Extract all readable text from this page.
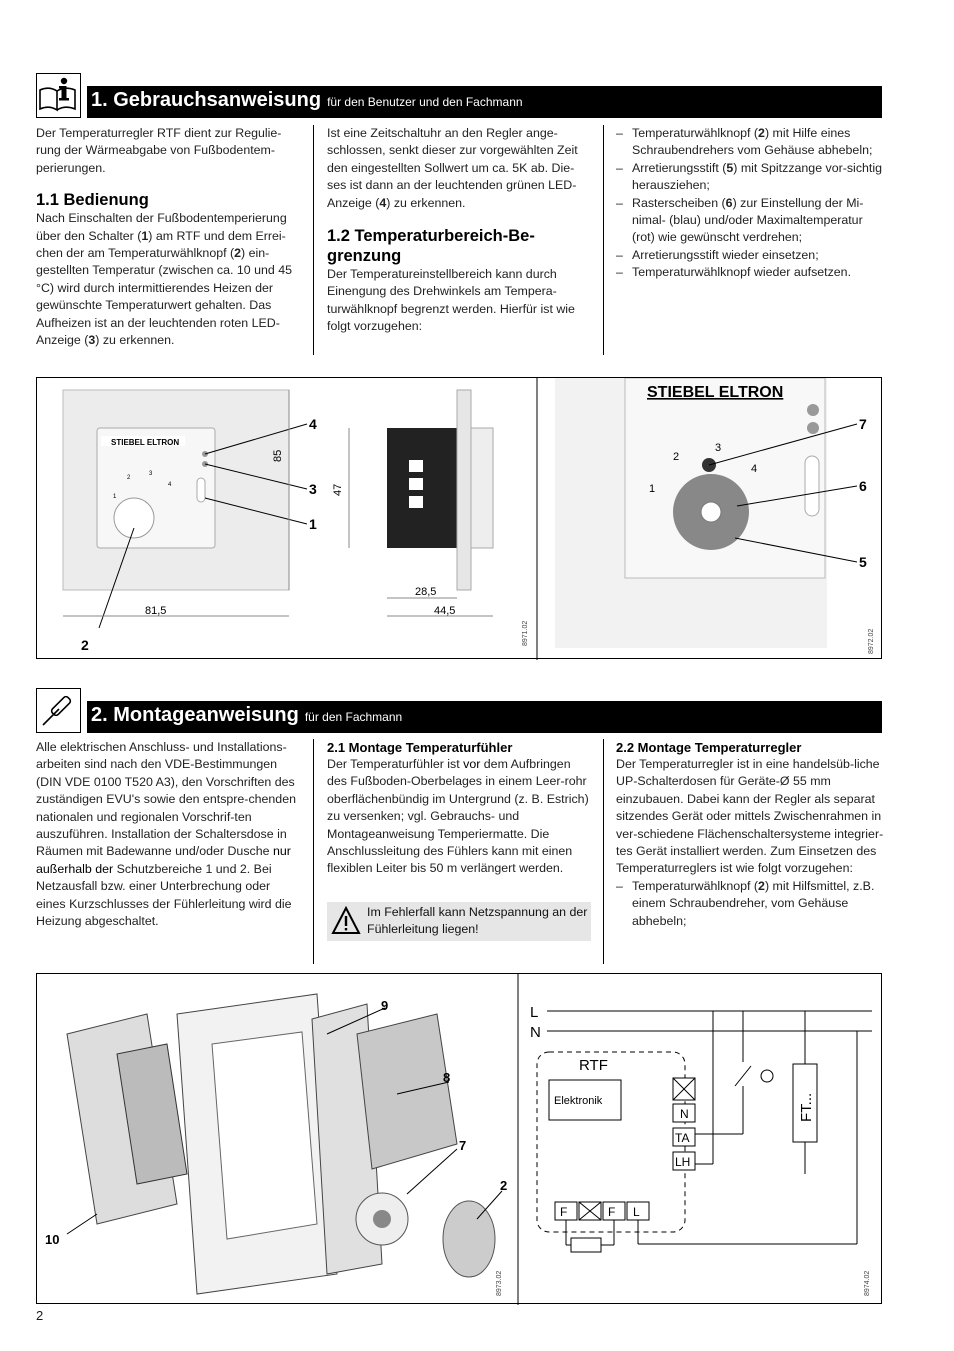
1. Gebrauchsanweisung für den Benutzer und den Fachmann

Der Temperaturregler RTF dient zur Regulie-rung der Wärmeabgabe von Fußbodentem-perierungen.

1.1 Bedienung

Nach Einschalten der Fußbodentemperierung über den Schalter (1) am RTF und dem Errei-chen der am Temperaturwählknopf (2) ein-gestellten Temperatur (zwischen ca. 10 und 45 °C) wird durch intermittierendes Heizen der gewünschte Temperaturwert gehalten. Das Aufheizen ist an der leuchtenden roten LED-Anzeige (3) zu erkennen.

Ist eine Zeitschaltuhr an den Regler ange-schlossen, senkt dieser zur vorgewählten Zeit den eingestellten Sollwert um ca. 5K ab. Die-ses ist dann an der leuchtenden grünen LED-Anzeige (4) zu erkennen.

1.2 Temperaturbereich-Be-
grenzung

Der Temperatureinstellbereich kann durch Einengung des Drehwinkels am Tempera-turwählknopf begrenzt werden. Hierfür ist wie folgt vorzugehen:

– Temperaturwählknopf (2) mit Hilfe eines Schraubendrehers vom Gehäuse abhebeln;
– Arretierungsstift (5) mit Spitzzange vor-sichtig herausziehen;
– Rasterscheiben (6) zur Einstellung der Mi-nimal- (blau) und/oder Maximaltemperatur (rot) wie gewünscht verdrehen;
– Arretierungsstift wieder einsetzen;
– Temperaturwählknopf wieder aufsetzen.
STIEBEL ELTRON
1
2
3
4
4
3
1
2
85
81,5
47
28,5
44,5
8971.02
STIEBEL ELTRON
1
2
3
4
7
6
5
8972.02
2. Montageanweisung für den Fachmann

Alle elektrischen Anschluss- und Installations-arbeiten sind nach den VDE-Bestimmungen (DIN VDE 0100 T520 A3), den Vorschriften des zuständigen EVU's sowie den entspre-chenden nationalen und regionalen Vorschrif-ten auszuführen. Installation der Schaltersdose in Räumen mit Badewanne und/oder Dusche nur außerhalb der Schutzbereiche 1 und 2. Bei Netzausfall bzw. einer Unterbrechung oder eines Kurzschlusses der Fühlerleitung wird die Heizung abgeschaltet.

2.1 Montage Temperaturfühler

Der Temperaturfühler ist vor dem Aufbringen des Fußboden-Oberbelages in einem Leer-rohr oberflächenbündig im Untergrund (z. B. Estrich) zu versenken; vgl. Gebrauchs- und Montageanweisung Temperiermatte. Die Anschlussleitung des Fühlers kann mit einen flexiblen Leiter bis 50 m verlängert werden.

Im Fehlerfall kann Netzspannung an der Fühlerleitung liegen!
2.2 Montage Temperaturregler

Der Temperaturregler ist in eine handelsüb-liche UP-Schalterdosen für Geräte-Ø 55 mm einzubauen. Dabei kann der Regler als separat sitzendes Gerät oder mittels Zwischenrahmen in ver-schiedene Flächenschaltersysteme integrier-tes Gerät installiert werden. Zum Einsetzen des Temperaturreglers ist wie folgt vorzugehen:

– Temperaturwählknopf (2) mit Hilfsmittel, z.B. einem Schraubendreher, vom Gehäuse abhebeln;
9
8
7
2
10
8973.02
L
N
RTF
Elektronik
N
TA
LH
FT...
F	F L
8974.02
2
